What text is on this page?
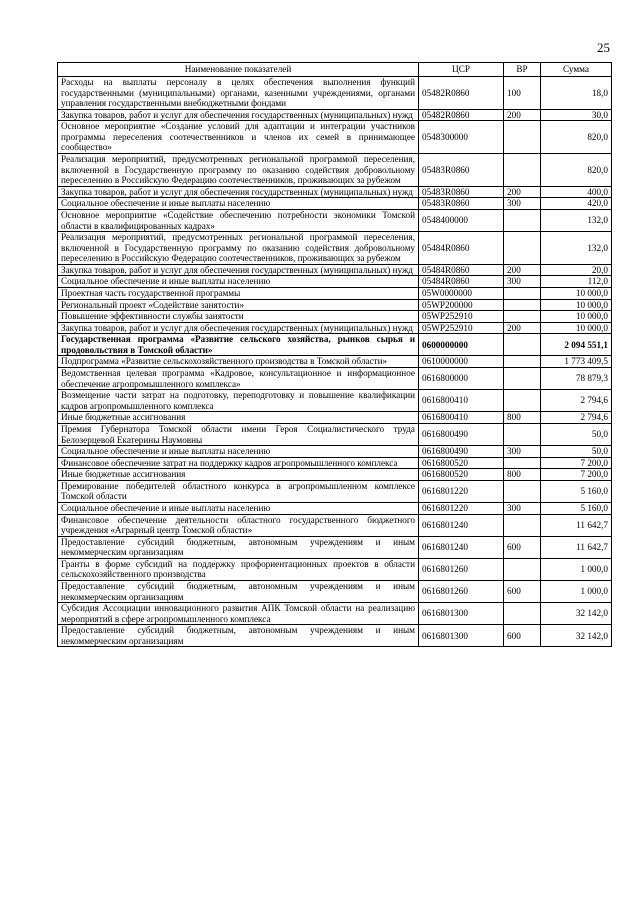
25
Наименование показателей	ЦСР	ВР	Сумма
Расходы на выплаты персоналу в целях обеспечения выполнения функций государственными (муниципальными) органами, казенными учреждениями, органами управления государственными внебюджетными фондами	05482R0860	100	18,0
Закупка товаров, работ и услуг для обеспечения государственных (муниципальных) нужд	05482R0860	200	30,0
Основное мероприятие «Создание условий для адаптации и интеграции участников программы переселения соотечественников и членов их семей в принимающее сообщество»	0548300000		820,0
Реализация мероприятий, предусмотренных региональной программой переселения, включенной в Государственную программу по оказанию содействия добровольному переселению в Российскую Федерацию соотечественников, проживающих за рубежом	05483R0860		820,0
Закупка товаров, работ и услуг для обеспечения государственных (муниципальных) нужд	05483R0860	200	400,0
Социальное обеспечение и иные выплаты населению	05483R0860	300	420,0
Основное мероприятие «Содействие обеспечению потребности экономики Томской области в квалифицированных кадрах»	0548400000		132,0
Реализация мероприятий, предусмотренных региональной программой переселения, включенной в Государственную программу по оказанию содействия добровольному переселению в Российскую Федерацию соотечественников, проживающих за рубежом	05484R0860		132,0
Закупка товаров, работ и услуг для обеспечения государственных (муниципальных) нужд	05484R0860	200	20,0
Социальное обеспечение и иные выплаты населению	05484R0860	300	112,0
Проектная часть государственной программы	05W0000000		10 000,0
Региональный проект «Содействие занятости»	05WP200000		10 000,0
Повышение эффективности службы занятости	05WP252910		10 000,0
Закупка товаров, работ и услуг для обеспечения государственных (муниципальных) нужд	05WP252910	200	10 000,0
Государственная программа «Развитие сельского хозяйства, рынков сырья и продовольствия в Томской области»	0600000000		2 094 551,1
Подпрограмма «Развитие сельскохозяйственного производства в Томской области»	0610000000		1 773 409,5
Ведомственная целевая программа «Кадровое, консультационное и информационное обеспечение агропромышленного комплекса»	0616800000		78 879,3
Возмещение части затрат на подготовку, переподготовку и повышение квалификации кадров агропромышленного комплекса	0616800410		2 794,6
Иные бюджетные ассигнования	0616800410	800	2 794,6
Премия Губернатора Томской области имени Героя Социалистического труда Белозерцевой Екатерины Наумовны	0616800490		50,0
Социальное обеспечение и иные выплаты населению	0616800490	300	50,0
Финансовое обеспечение затрат на поддержку кадров агропромышленного комплекса	0616800520		7 200,0
Иные бюджетные ассигнования	0616800520	800	7 200,0
Премирование победителей областного конкурса в агропромышленном комплексе Томской области	0616801220		5 160,0
Социальное обеспечение и иные выплаты населению	0616801220	300	5 160,0
Финансовое обеспечение деятельности областного государственного бюджетного учреждения «Аграрный центр Томской области»	0616801240		11 642,7
Предоставление субсидий бюджетным, автономным учреждениям и иным некоммерческим организациям	0616801240	600	11 642,7
Гранты в форме субсидий на поддержку профориентационных проектов в области сельскохозяйственного производства	0616801260		1 000,0
Предоставление субсидий бюджетным, автономным учреждениям и иным некоммерческим организациям	0616801260	600	1 000,0
Субсидия Ассоциации инновационного развития АПК Томской области на реализацию мероприятий в сфере агропромышленного комплекса	0616801300		32 142,0
Предоставление субсидий бюджетным, автономным учреждениям и иным некоммерческим организациям	0616801300	600	32 142,0
